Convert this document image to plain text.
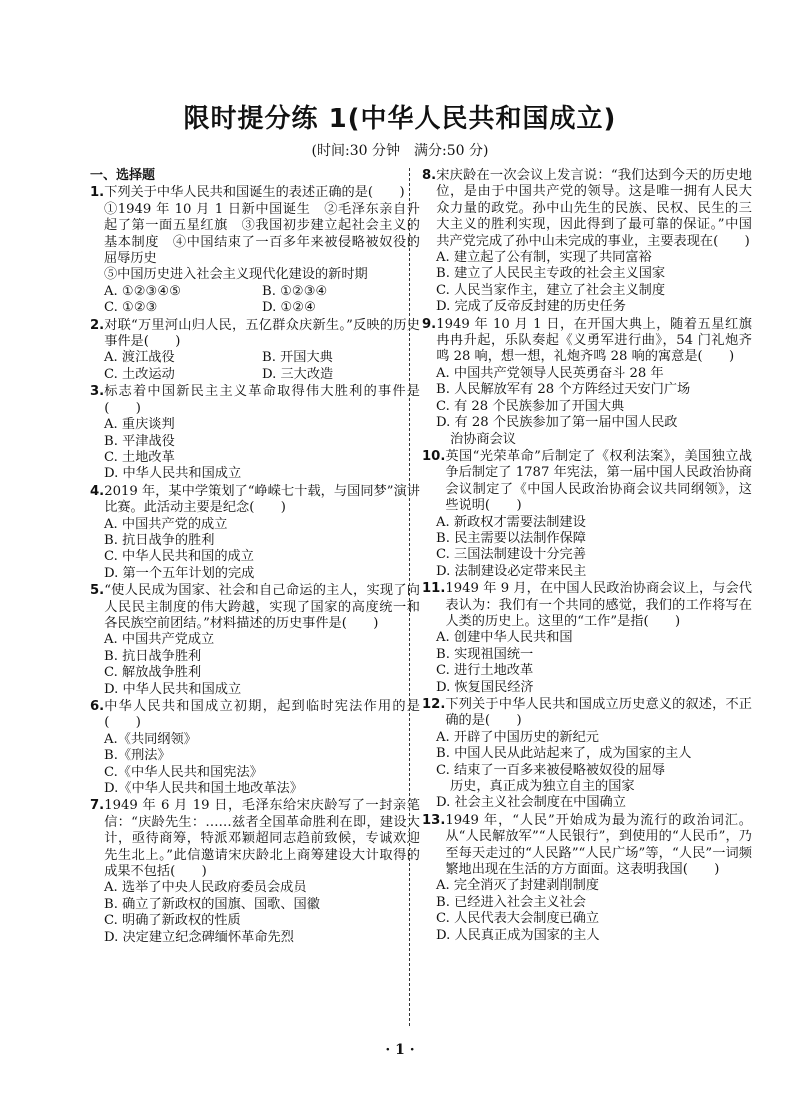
限时提分练 1(中华人民共和国成立)
(时间:30 分钟　满分:50 分)
一、选择题
1. 下列关于中华人民共和国诞生的表述正确的是(　　)
①1949 年 10 月 1 日新中国诞生　②毛泽东亲自升起了第一面五星红旗　③我国初步建立起社会主义的基本制度　④中国结束了一百多年来被侵略被奴役的屈辱历史
⑤中国历史进入社会主义现代化建设的新时期
A. ①②③④⑤	B. ①②③④
C. ①②③	D. ①②④
2. 对联“万里河山归人民，五亿群众庆新生。”反映的历史事件是(　　)
A. 渡江战役	B. 开国大典
C. 土改运动	D. 三大改造
3. 标志着中国新民主主义革命取得伟大胜利的事件是(　　)
A. 重庆谈判
B. 平津战役
C. 土地改革
D. 中华人民共和国成立
4. 2019 年，某中学策划了“峥嵘七十载，与国同梦”演讲比赛。此活动主要是纪念(　　)
A. 中国共产党的成立
B. 抗日战争的胜利
C. 中华人民共和国的成立
D. 第一个五年计划的完成
5. “使人民成为国家、社会和自己命运的主人，实现了向人民民主制度的伟大跨越，实现了国家的高度统一和各民族空前团结。”材料描述的历史事件是(　　)
A. 中国共产党成立
B. 抗日战争胜利
C. 解放战争胜利
D. 中华人民共和国成立
6. 中华人民共和国成立初期，起到临时宪法作用的是(　　)
A.《共同纲领》
B.《刑法》
C.《中华人民共和国宪法》
D.《中华人民共和国土地改革法》
7. 1949 年 6 月 19 日，毛泽东给宋庆龄写了一封亲笔信：“庆龄先生：……兹者全国革命胜利在即，建设大计，亟待商筹，特派邓颖超同志趋前致候，专诚欢迎先生北上。”此信邀请宋庆龄北上商筹建设大计取得的成果不包括(　　)
A. 选举了中央人民政府委员会成员
B. 确立了新政权的国旗、国歌、国徽
C. 明确了新政权的性质
D. 决定建立纪念碑缅怀革命先烈
8. 宋庆龄在一次会议上发言说：“我们达到今天的历史地位，是由于中国共产党的领导。这是唯一拥有人民大众力量的政党。孙中山先生的民族、民权、民生的三大主义的胜利实现，因此得到了最可靠的保证。”中国共产党完成了孙中山未完成的事业，主要表现在(　　)
A. 建立起了公有制，实现了共同富裕
B. 建立了人民民主专政的社会主义国家
C. 人民当家作主，建立了社会主义制度
D. 完成了反帝反封建的历史任务
9. 1949 年 10 月 1 日，在开国大典上，随着五星红旗冉冉升起，乐队奏起《义勇军进行曲》，54 门礼炮齐鸣 28 响，想一想，礼炮齐鸣 28 响的寓意是(　　)
A. 中国共产党领导人民英勇奋斗 28 年
B. 人民解放军有 28 个方阵经过天安门广场
C. 有 28 个民族参加了开国大典
D. 有 28 个民族参加了第一届中国人民政
治协商会议
10. 英国“光荣革命”后制定了《权利法案》，美国独立战争后制定了 1787 年宪法，第一届中国人民政治协商会议制定了《中国人民政治协商会议共同纲领》，这些说明(　　)
A. 新政权才需要法制建设
B. 民主需要以法制作保障
C. 三国法制建设十分完善
D. 法制建设必定带来民主
11. 1949 年 9 月，在中国人民政治协商会议上，与会代表认为：我们有一个共同的感觉，我们的工作将写在人类的历史上。这里的“工作”是指(　　)
A. 创建中华人民共和国
B. 实现祖国统一
C. 进行土地改革
D. 恢复国民经济
12. 下列关于中华人民共和国成立历史意义的叙述，不正确的是(　　)
A. 开辟了中国历史的新纪元
B. 中国人民从此站起来了，成为国家的主人
C. 结束了一百多来被侵略被奴役的屈辱
历史，真正成为独立自主的国家
D. 社会主义社会制度在中国确立
13. 1949 年，“人民”开始成为最为流行的政治词汇。从“人民解放军”“人民银行”，到使用的“人民币”，乃至每天走过的“人民路”“人民广场”等，“人民”一词频繁地出现在生活的方方面面。这表明我国(　　)
A. 完全消灭了封建剥削制度
B. 已经进入社会主义社会
C. 人民代表大会制度已确立
D. 人民真正成为国家的主人
· 1 ·
